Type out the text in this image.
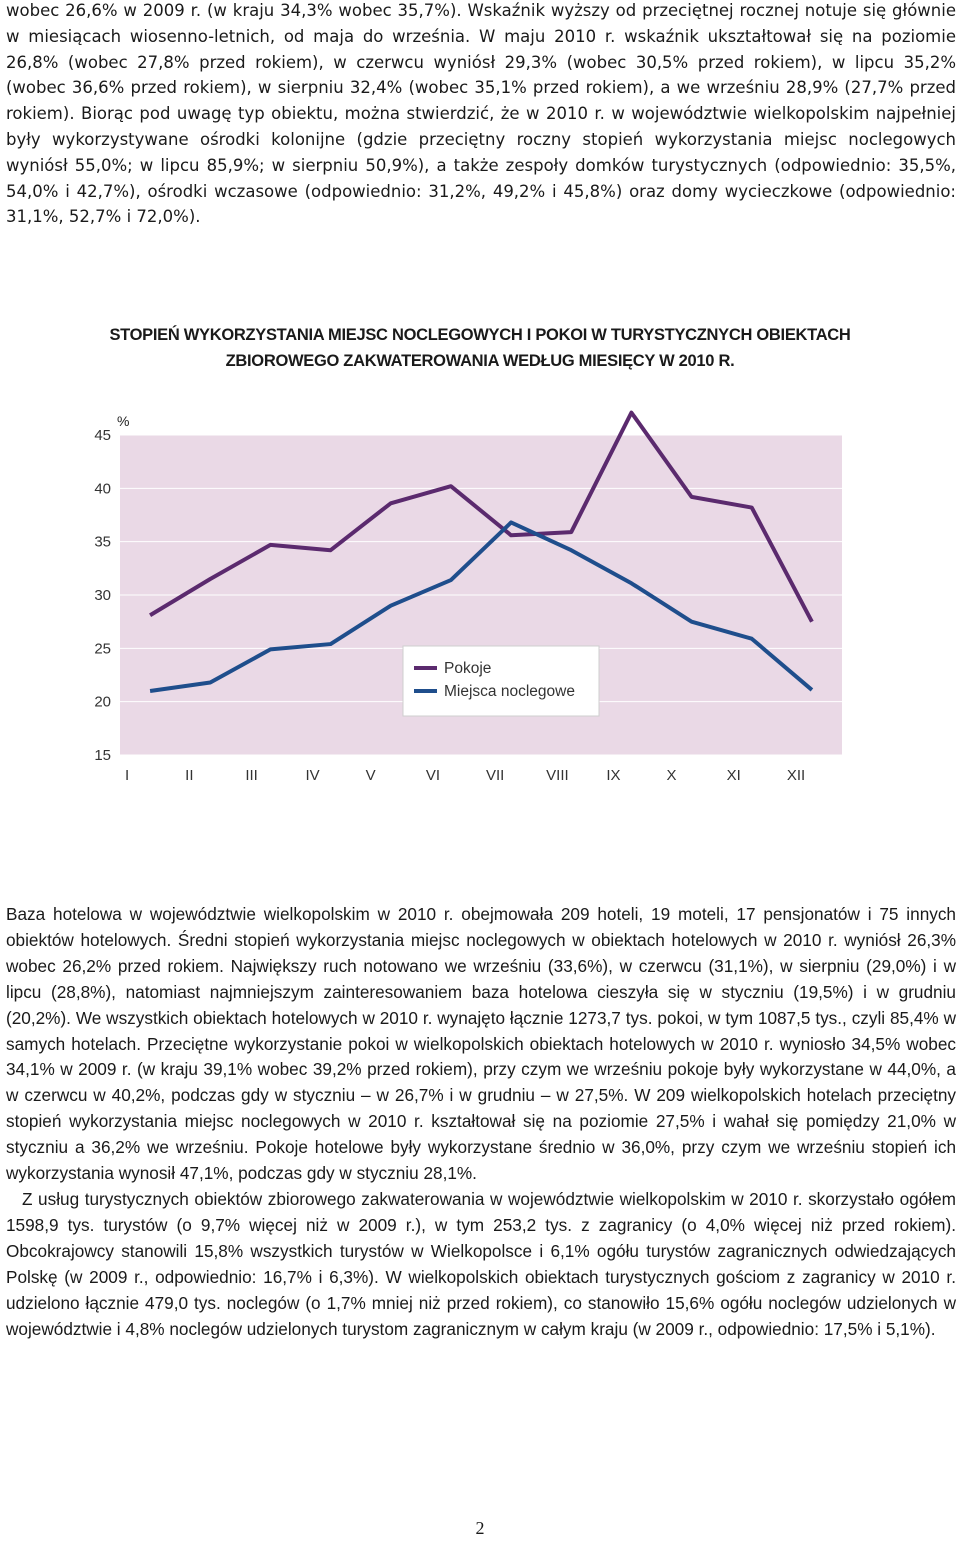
wobec 26,6% w 2009 r. (w kraju 34,3% wobec 35,7%). Wskaźnik wyższy od przeciętnej rocznej notuje się głównie w miesiącach wiosenno-letnich, od maja do września. W maju 2010 r. wskaźnik ukształtował się na poziomie 26,8% (wobec 27,8% przed rokiem), w czerwcu wyniósł 29,3% (wobec 30,5% przed rokiem), w lipcu 35,2% (wobec 36,6% przed rokiem), w sierpniu 32,4% (wobec 35,1% przed rokiem), a we wrześniu 28,9% (27,7% przed rokiem). Biorąc pod uwagę typ obiektu, można stwierdzić, że w 2010 r. w województwie wielkopolskim najpełniej były wykorzystywane ośrodki kolonijne (gdzie przeciętny roczny stopień wykorzystania miejsc noclegowych wyniósł 55,0%; w lipcu 85,9%; w sierpniu 50,9%), a także zespoły domków turystycznych (odpowiednio: 35,5%, 54,0% i 42,7%), ośrodki wczasowe (odpowiednio: 31,2%, 49,2% i 45,8%) oraz domy wycieczkowe (odpowiednio: 31,1%, 52,7% i 72,0%).
STOPIEŃ WYKORZYSTANIA MIEJSC NOCLEGOWYCH I POKOI W TURYSTYCZNYCH OBIEKTACH
ZBIOROWEGO ZAKWATEROWANIA WEDŁUG MIESIĘCY W 2010 R.
15
20
25
30
35
40
45
%
I	II	III	IV	V	VI	VII	VIII	IX	X	XI	XII
Pokoje
Miejsca noclegowe

Baza hotelowa w województwie wielkopolskim w 2010 r. obejmowała 209 hoteli, 19 moteli, 17 pensjonatów i 75 innych obiektów hotelowych. Średni stopień wykorzystania miejsc noclegowych w obiektach hotelowych w 2010 r. wyniósł 26,3% wobec 26,2% przed rokiem. Największy ruch notowano we wrześniu (33,6%), w czerwcu (31,1%), w sierpniu (29,0%) i w lipcu (28,8%), natomiast najmniejszym zainteresowaniem baza hotelowa cieszyła się w styczniu (19,5%) i w grudniu (20,2%). We wszystkich obiektach hotelowych w 2010 r. wynajęto łącznie 1273,7 tys. pokoi, w tym 1087,5 tys., czyli 85,4% w samych hotelach. Przeciętne wykorzystanie pokoi w wielkopolskich obiektach hotelowych w 2010 r. wyniosło 34,5% wobec 34,1% w 2009 r. (w kraju 39,1% wobec 39,2% przed rokiem), przy czym we wrześniu pokoje były wykorzystane w 44,0%, a w czerwcu w 40,2%, podczas gdy w styczniu – w 26,7% i w grudniu – w 27,5%. W 209 wielkopolskich hotelach przeciętny stopień wykorzystania miejsc noclegowych w 2010 r. kształtował się na poziomie 27,5% i wahał się pomiędzy 21,0% w styczniu a 36,2% we wrześniu. Pokoje hotelowe były wykorzystane średnio w 36,0%, przy czym we wrześniu stopień ich wykorzystania wynosił 47,1%, podczas gdy w styczniu 28,1%.

Z usług turystycznych obiektów zbiorowego zakwaterowania w województwie wielkopolskim w 2010 r. skorzystało ogółem 1598,9 tys. turystów (o 9,7% więcej niż w 2009 r.), w tym 253,2 tys. z zagranicy (o 4,0% więcej niż przed rokiem). Obcokrajowcy stanowili 15,8% wszystkich turystów w Wielkopolsce i 6,1% ogółu turystów zagranicznych odwiedzających Polskę (w 2009 r., odpowiednio: 16,7% i 6,3%). W wielkopolskich obiektach turystycznych gościom z zagranicy w 2010 r. udzielono łącznie 479,0 tys. noclegów (o 1,7% mniej niż przed rokiem), co stanowiło 15,6% ogółu noclegów udzielonych w województwie i 4,8% noclegów udzielonych turystom zagranicznym w całym kraju (w 2009 r., odpowiednio: 17,5% i 5,1%).

2
